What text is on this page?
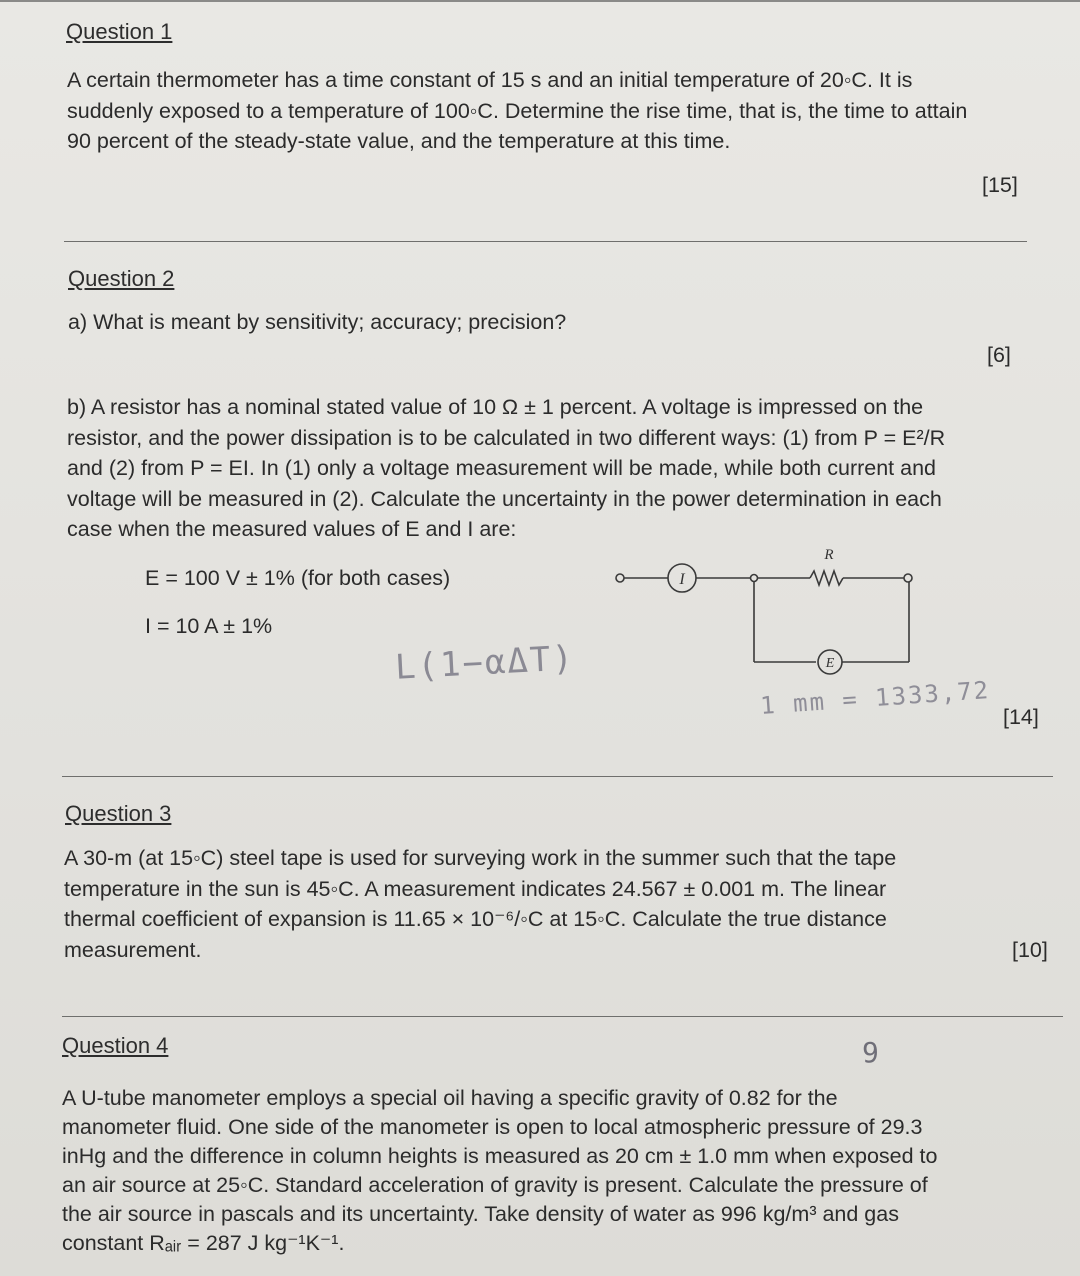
Question 1
A certain thermometer has a time constant of 15 s and an initial temperature of 20◦C. It is
suddenly exposed to a temperature of 100◦C. Determine the rise time, that is, the time to attain
90 percent of the steady-state value, and the temperature at this time.
[15]
Question 2
a) What is meant by sensitivity; accuracy; precision?
[6]
b) A resistor has a nominal stated value of 10 Ω ± 1 percent. A voltage is impressed on the
resistor, and the power dissipation is to be calculated in two different ways: (1) from P = E²/R
and (2) from P = EI. In (1) only a voltage measurement will be made, while both current and
voltage will be measured in (2). Calculate the uncertainty in the power determination in each
case when the measured values of E and I are:
E = 100 V ± 1% (for both cases)
I = 10 A ± 1%
I
R
E
L(1−αΔT)
1 mm = 1333,72 [14]
Question 3
A 30-m (at 15◦C) steel tape is used for surveying work in the summer such that the tape
temperature in the sun is 45◦C. A measurement indicates 24.567 ± 0.001 m. The linear
thermal coefficient of expansion is 11.65 × 10⁻⁶/◦C at 15◦C. Calculate the true distance
measurement.	[10]
Question 4	9
A U-tube manometer employs a special oil having a specific gravity of 0.82 for the
manometer fluid. One side of the manometer is open to local atmospheric pressure of 29.3
inHg and the difference in column heights is measured as 20 cm ± 1.0 mm when exposed to
an air source at 25◦C. Standard acceleration of gravity is present. Calculate the pressure of
the air source in pascals and its uncertainty. Take density of water as 996 kg/m³ and gas
constant Rₐᵢᵣ = 287 J kg⁻¹K⁻¹.
